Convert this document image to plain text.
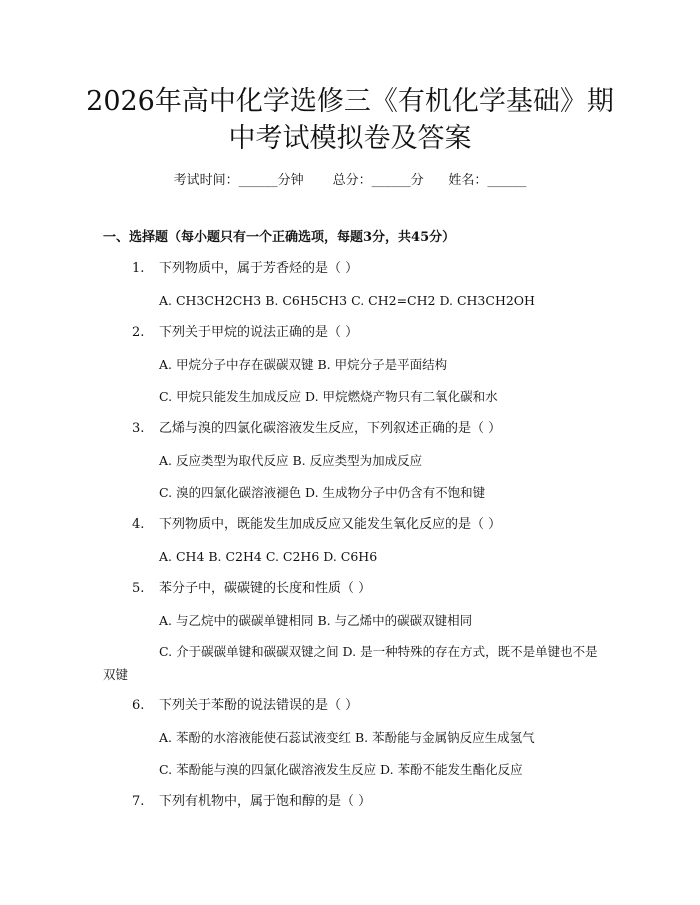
2026年高中化学选修三《有机化学基础》期
中考试模拟卷及答案
考试时间：______分钟 总分：______分 姓名：______
一、选择题（每小题只有一个正确选项，每题3分，共45分）
1. 下列物质中，属于芳香烃的是（ ）
A. CH3CH2CH3 B. C6H5CH3 C. CH2=CH2 D. CH3CH2OH
2. 下列关于甲烷的说法正确的是（ ）
A. 甲烷分子中存在碳碳双键 B. 甲烷分子是平面结构
C. 甲烷只能发生加成反应 D. 甲烷燃烧产物只有二氧化碳和水
3. 乙烯与溴的四氯化碳溶液发生反应，下列叙述正确的是（ ）
A. 反应类型为取代反应 B. 反应类型为加成反应
C. 溴的四氯化碳溶液褪色 D. 生成物分子中仍含有不饱和键
4. 下列物质中，既能发生加成反应又能发生氧化反应的是（ ）
A. CH4 B. C2H4 C. C2H6 D. C6H6
5. 苯分子中，碳碳键的长度和性质（ ）
A. 与乙烷中的碳碳单键相同 B. 与乙烯中的碳碳双键相同
C. 介于碳碳单键和碳碳双键之间 D. 是一种特殊的存在方式，既不是单键也不是双键
6. 下列关于苯酚的说法错误的是（ ）
A. 苯酚的水溶液能使石蕊试液变红 B. 苯酚能与金属钠反应生成氢气
C. 苯酚能与溴的四氯化碳溶液发生反应 D. 苯酚不能发生酯化反应
7. 下列有机物中，属于饱和醇的是（ ）
